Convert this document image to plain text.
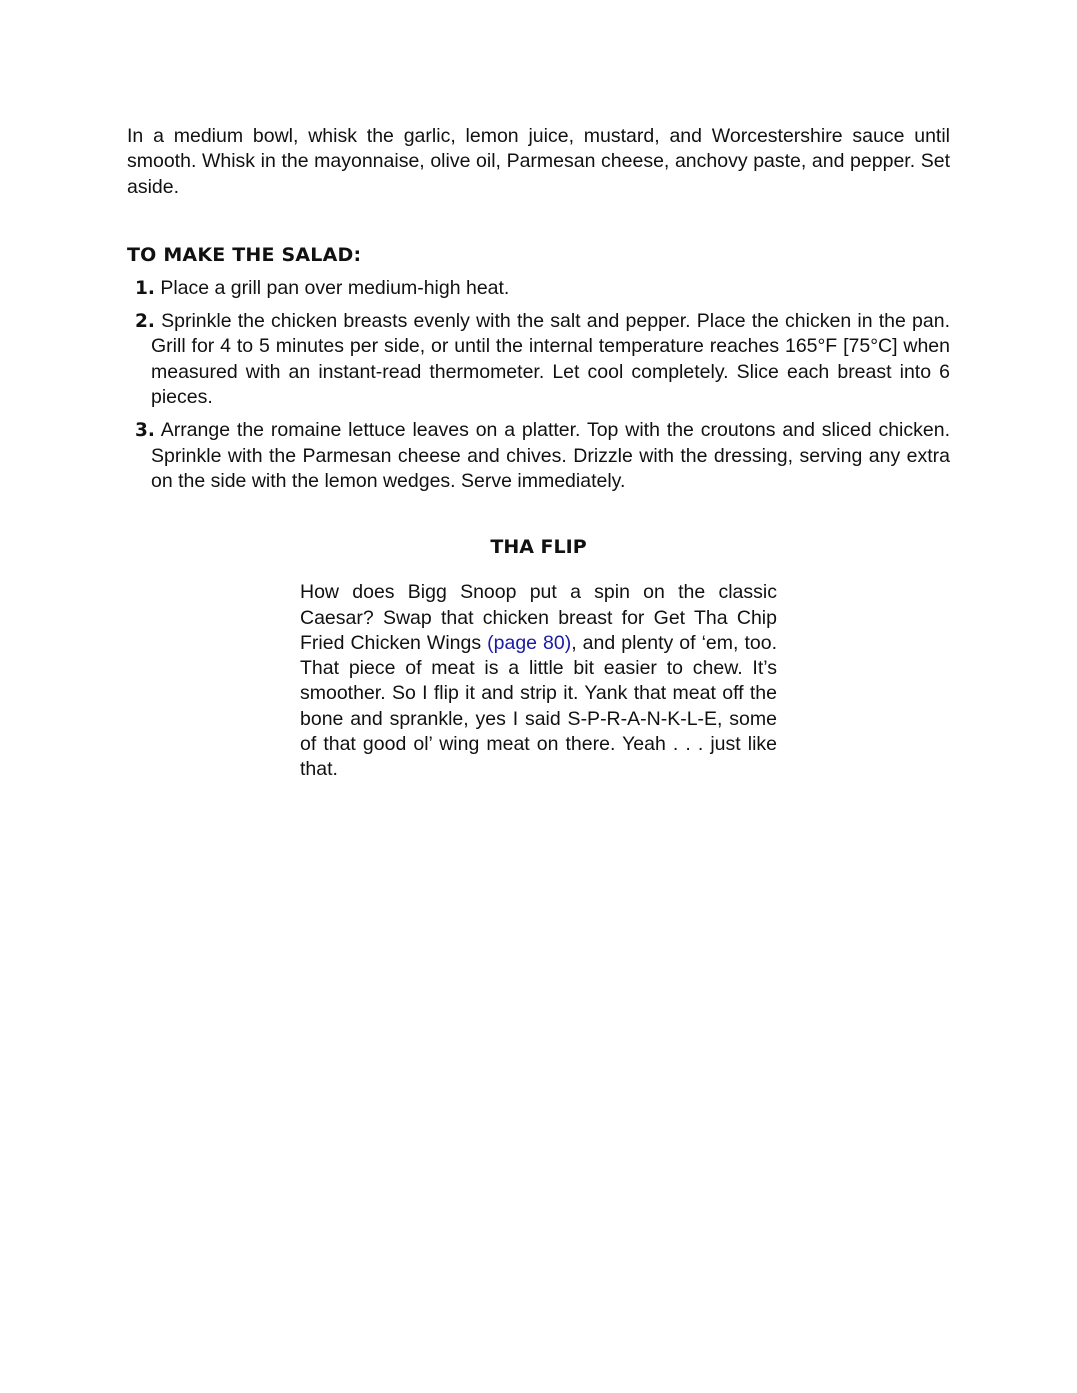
In a medium bowl, whisk the garlic, lemon juice, mustard, and Worcestershire sauce until smooth. Whisk in the mayonnaise, olive oil, Parmesan cheese, anchovy paste, and pepper. Set aside.

TO MAKE THE SALAD:
1. Place a grill pan over medium-high heat.
2. Sprinkle the chicken breasts evenly with the salt and pepper. Place the chicken in the pan. Grill for 4 to 5 minutes per side, or until the internal temperature reaches 165°F [75°C] when measured with an instant-read thermometer. Let cool completely. Slice each breast into 6 pieces.
3. Arrange the romaine lettuce leaves on a platter. Top with the croutons and sliced chicken. Sprinkle with the Parmesan cheese and chives. Drizzle with the dressing, serving any extra on the side with the lemon wedges. Serve immediately.
THA FLIP

How does Bigg Snoop put a spin on the classic Caesar? Swap that chicken breast for Get Tha Chip Fried Chicken Wings (page 80), and plenty of ‘em, too. That piece of meat is a little bit easier to chew. It’s smoother. So I flip it and strip it. Yank that meat off the bone and sprankle, yes I said S-P-R-A-N-K-L-E, some of that good ol’ wing meat on there. Yeah . . . just like that.
